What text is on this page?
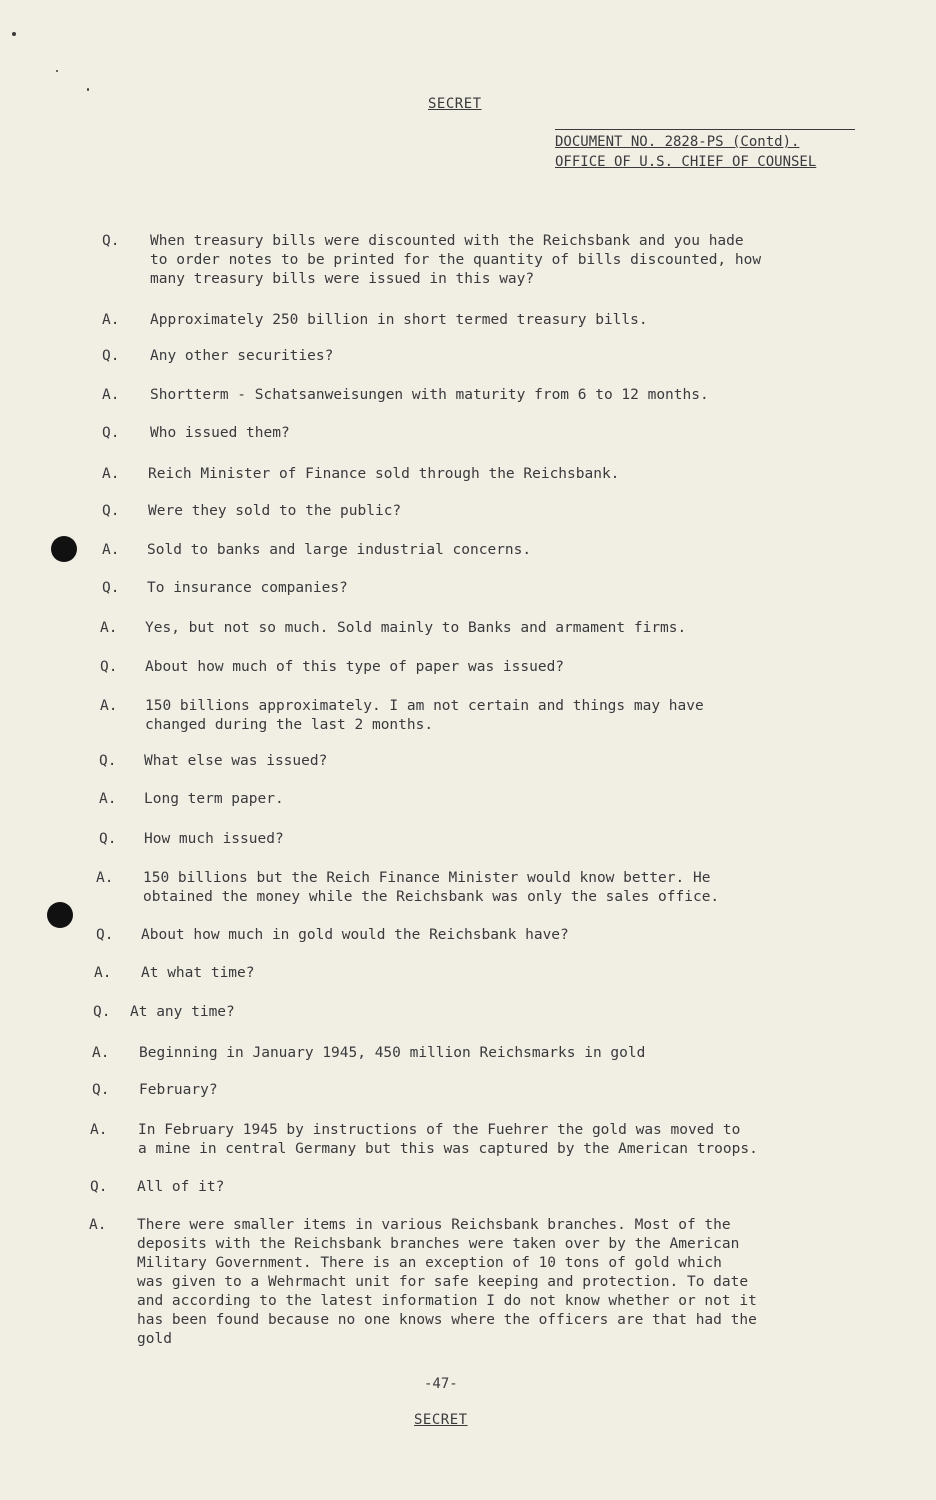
SECRET
DOCUMENT NO. 2828-PS (Contd).
OFFICE OF U.S. CHIEF OF COUNSEL
Q. When treasury bills were discounted with the Reichsbank and you hade
to order notes to be printed for the quantity of bills discounted, how
many treasury bills were issued in this way?
A. Approximately 250 billion in short termed treasury bills.
Q. Any other securities?
A. Shortterm - Schatsanweisungen with maturity from 6 to 12 months.
Q. Who issued them?
A. Reich Minister of Finance sold through the Reichsbank.
Q. Were they sold to the public?
A. Sold to banks and large industrial concerns.
Q. To insurance companies?
A. Yes, but not so much. Sold mainly to Banks and armament firms.
Q. About how much of this type of paper was issued?
A. 150 billions approximately. I am not certain and things may have
changed during the last 2 months.
Q. What else was issued?
A. Long term paper.
Q. How much issued?
A. 150 billions but the Reich Finance Minister would know better. He
obtained the money while the Reichsbank was only the sales office.
Q. About how much in gold would the Reichsbank have?
A. At what time?
Q. At any time?
A. Beginning in January 1945, 450 million Reichsmarks in gold
Q. February?
A. In February 1945 by instructions of the Fuehrer the gold was moved to
a mine in central Germany but this was captured by the American troops.
Q. All of it?
A. There were smaller items in various Reichsbank branches. Most of the
deposits with the Reichsbank branches were taken over by the American
Military Government. There is an exception of 10 tons of gold which
was given to a Wehrmacht unit for safe keeping and protection. To date
and according to the latest information I do not know whether or not it
has been found because no one knows where the officers are that had the
gold
-47-
SECRET
